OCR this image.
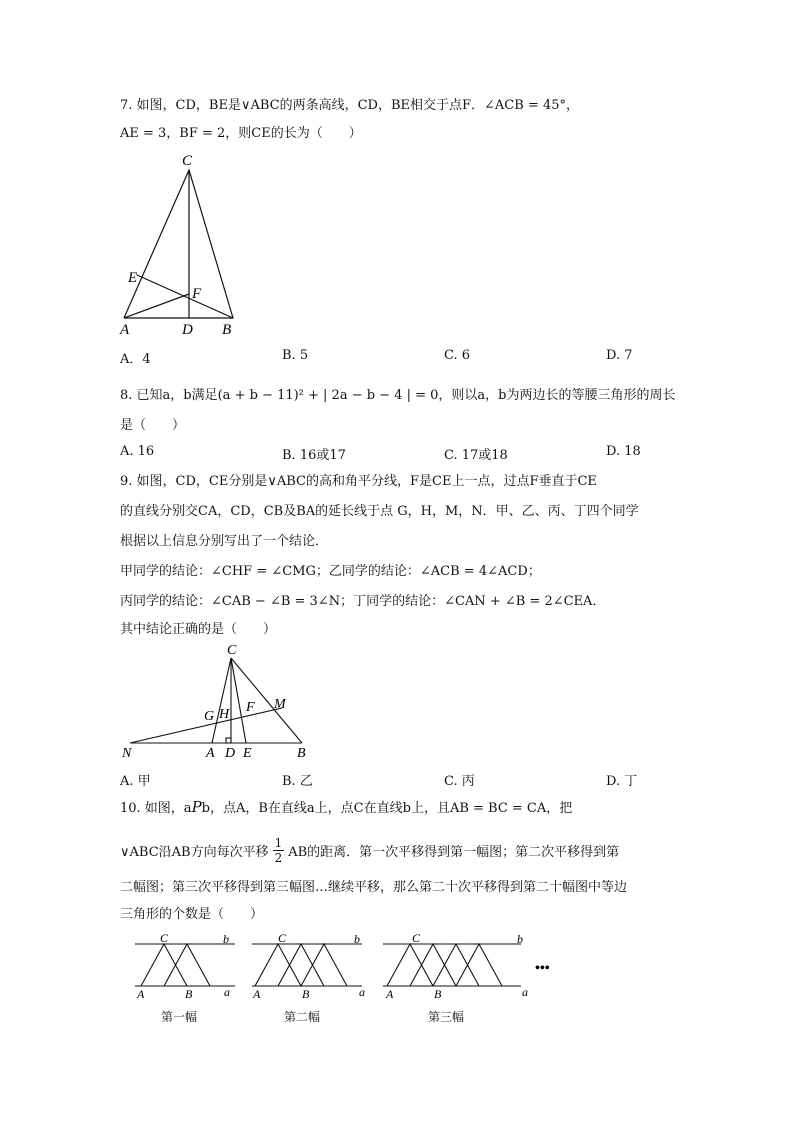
7. 如图，CD，BE是∨ABC的两条高线，CD，BE相交于点F．∠ACB = 45°，
AE = 3，BF = 2，则CE的长为（　　）
C
E
F
A	D B
A．4	B. 5	C. 6	D. 7
8. 已知a，b满足(a + b − 11)² + | 2a − b − 4 | = 0，则以a，b为两边长的等腰三角形的周长
是（　　）
A. 16	B. 16或17	C. 17或18	D. 18
9. 如图，CD，CE分别是∨ABC的高和角平分线，F是CE上一点，过点F垂直于CE
的直线分别交CA，CD，CB及BA的延长线于点 G，H，M，N．甲、乙、丙、丁四个同学
根据以上信息分别写出了一个结论．
甲同学的结论：∠CHF = ∠CMG；乙同学的结论：∠ACB = 4∠ACD；
丙同学的结论：∠CAB − ∠B = 3∠N；丁同学的结论：∠CAN + ∠B = 2∠CEA．
其中结论正确的是（　　）
C
G H F M
N	A D E	B
A. 甲	B. 乙	C. 丙	D. 丁
10. 如图，aPb，点A，B在直线a上，点C在直线b上，且AB = BC = CA，把
∨ABC沿AB方向每次平移 $\frac{1}{2}$ AB的距离．第一次平移得到第一幅图；第二次平移得到第
二幅图；第三次平移得到第三幅图…继续平移，那么第二十次平移得到第二十幅图中等边
三角形的个数是（　　）
C	b
A	B	a
C	b
A	B	a
C	b
A	B	a
•••
第一幅	第二幅	第三幅
